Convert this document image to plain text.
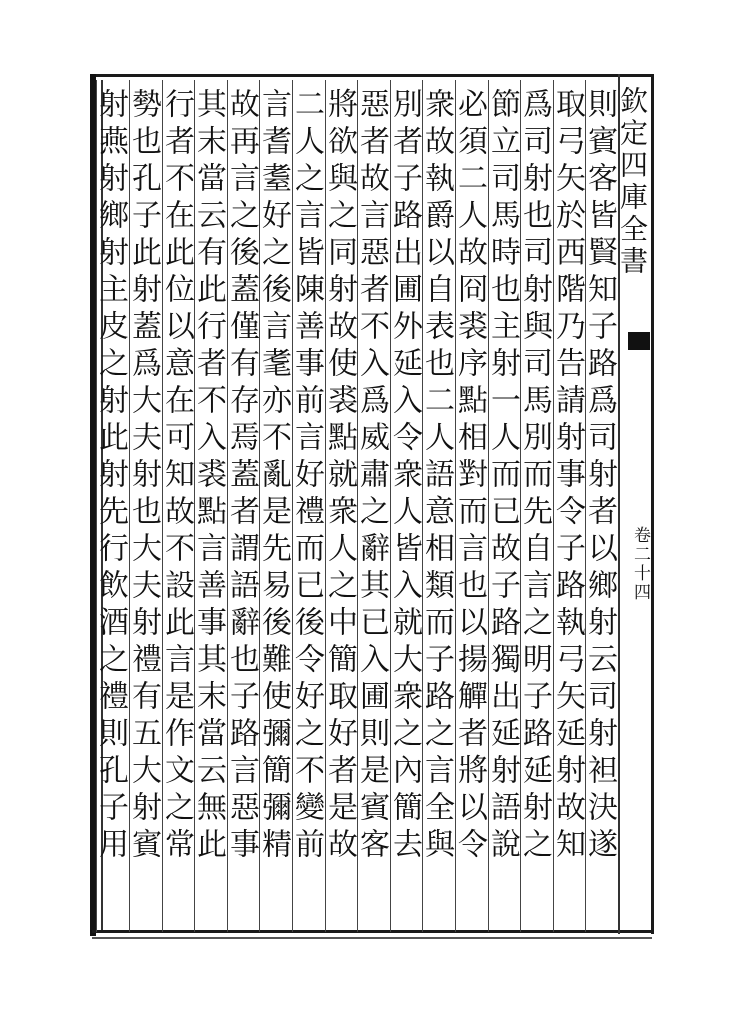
欽定四庫全書
卷二十四
則賓客皆賢知子路爲司射者以鄉射云司射袒決遂
取弓矢於西階乃告請射事令子路執弓矢延射故知
爲司射也司射與司馬別而先自言之明子路延射之
節立司馬時也主射一人而已故子路獨出延射語說
必須二人故冏裘序點相對而言也以揚觶者將以令
衆故執爵以自表也二人語意相類而子路之言全與
別者子路出圃外延入令衆人皆入就大衆之內簡去
惡者故言惡者不入爲威肅之辭其已入圃則是賓客
將欲與之同射故使裘點就衆人之中簡取好者是故
二人之言皆陳善事前言好禮而已後令好之不變前
言耆耋好之後言耄亦不亂是先易後難使彌簡彌精
故再言之後蓋僅有存焉蓋者謂語辭也子路言惡事
其末當云有此行者不入裘點言善事其末當云無此
行者不在此位以意在可知故不設此言是作文之常
勢也孔子此射蓋爲大夫射也大夫射禮有五大射賓
射燕射鄉射主皮之射此射先行飲酒之禮則孔子用
